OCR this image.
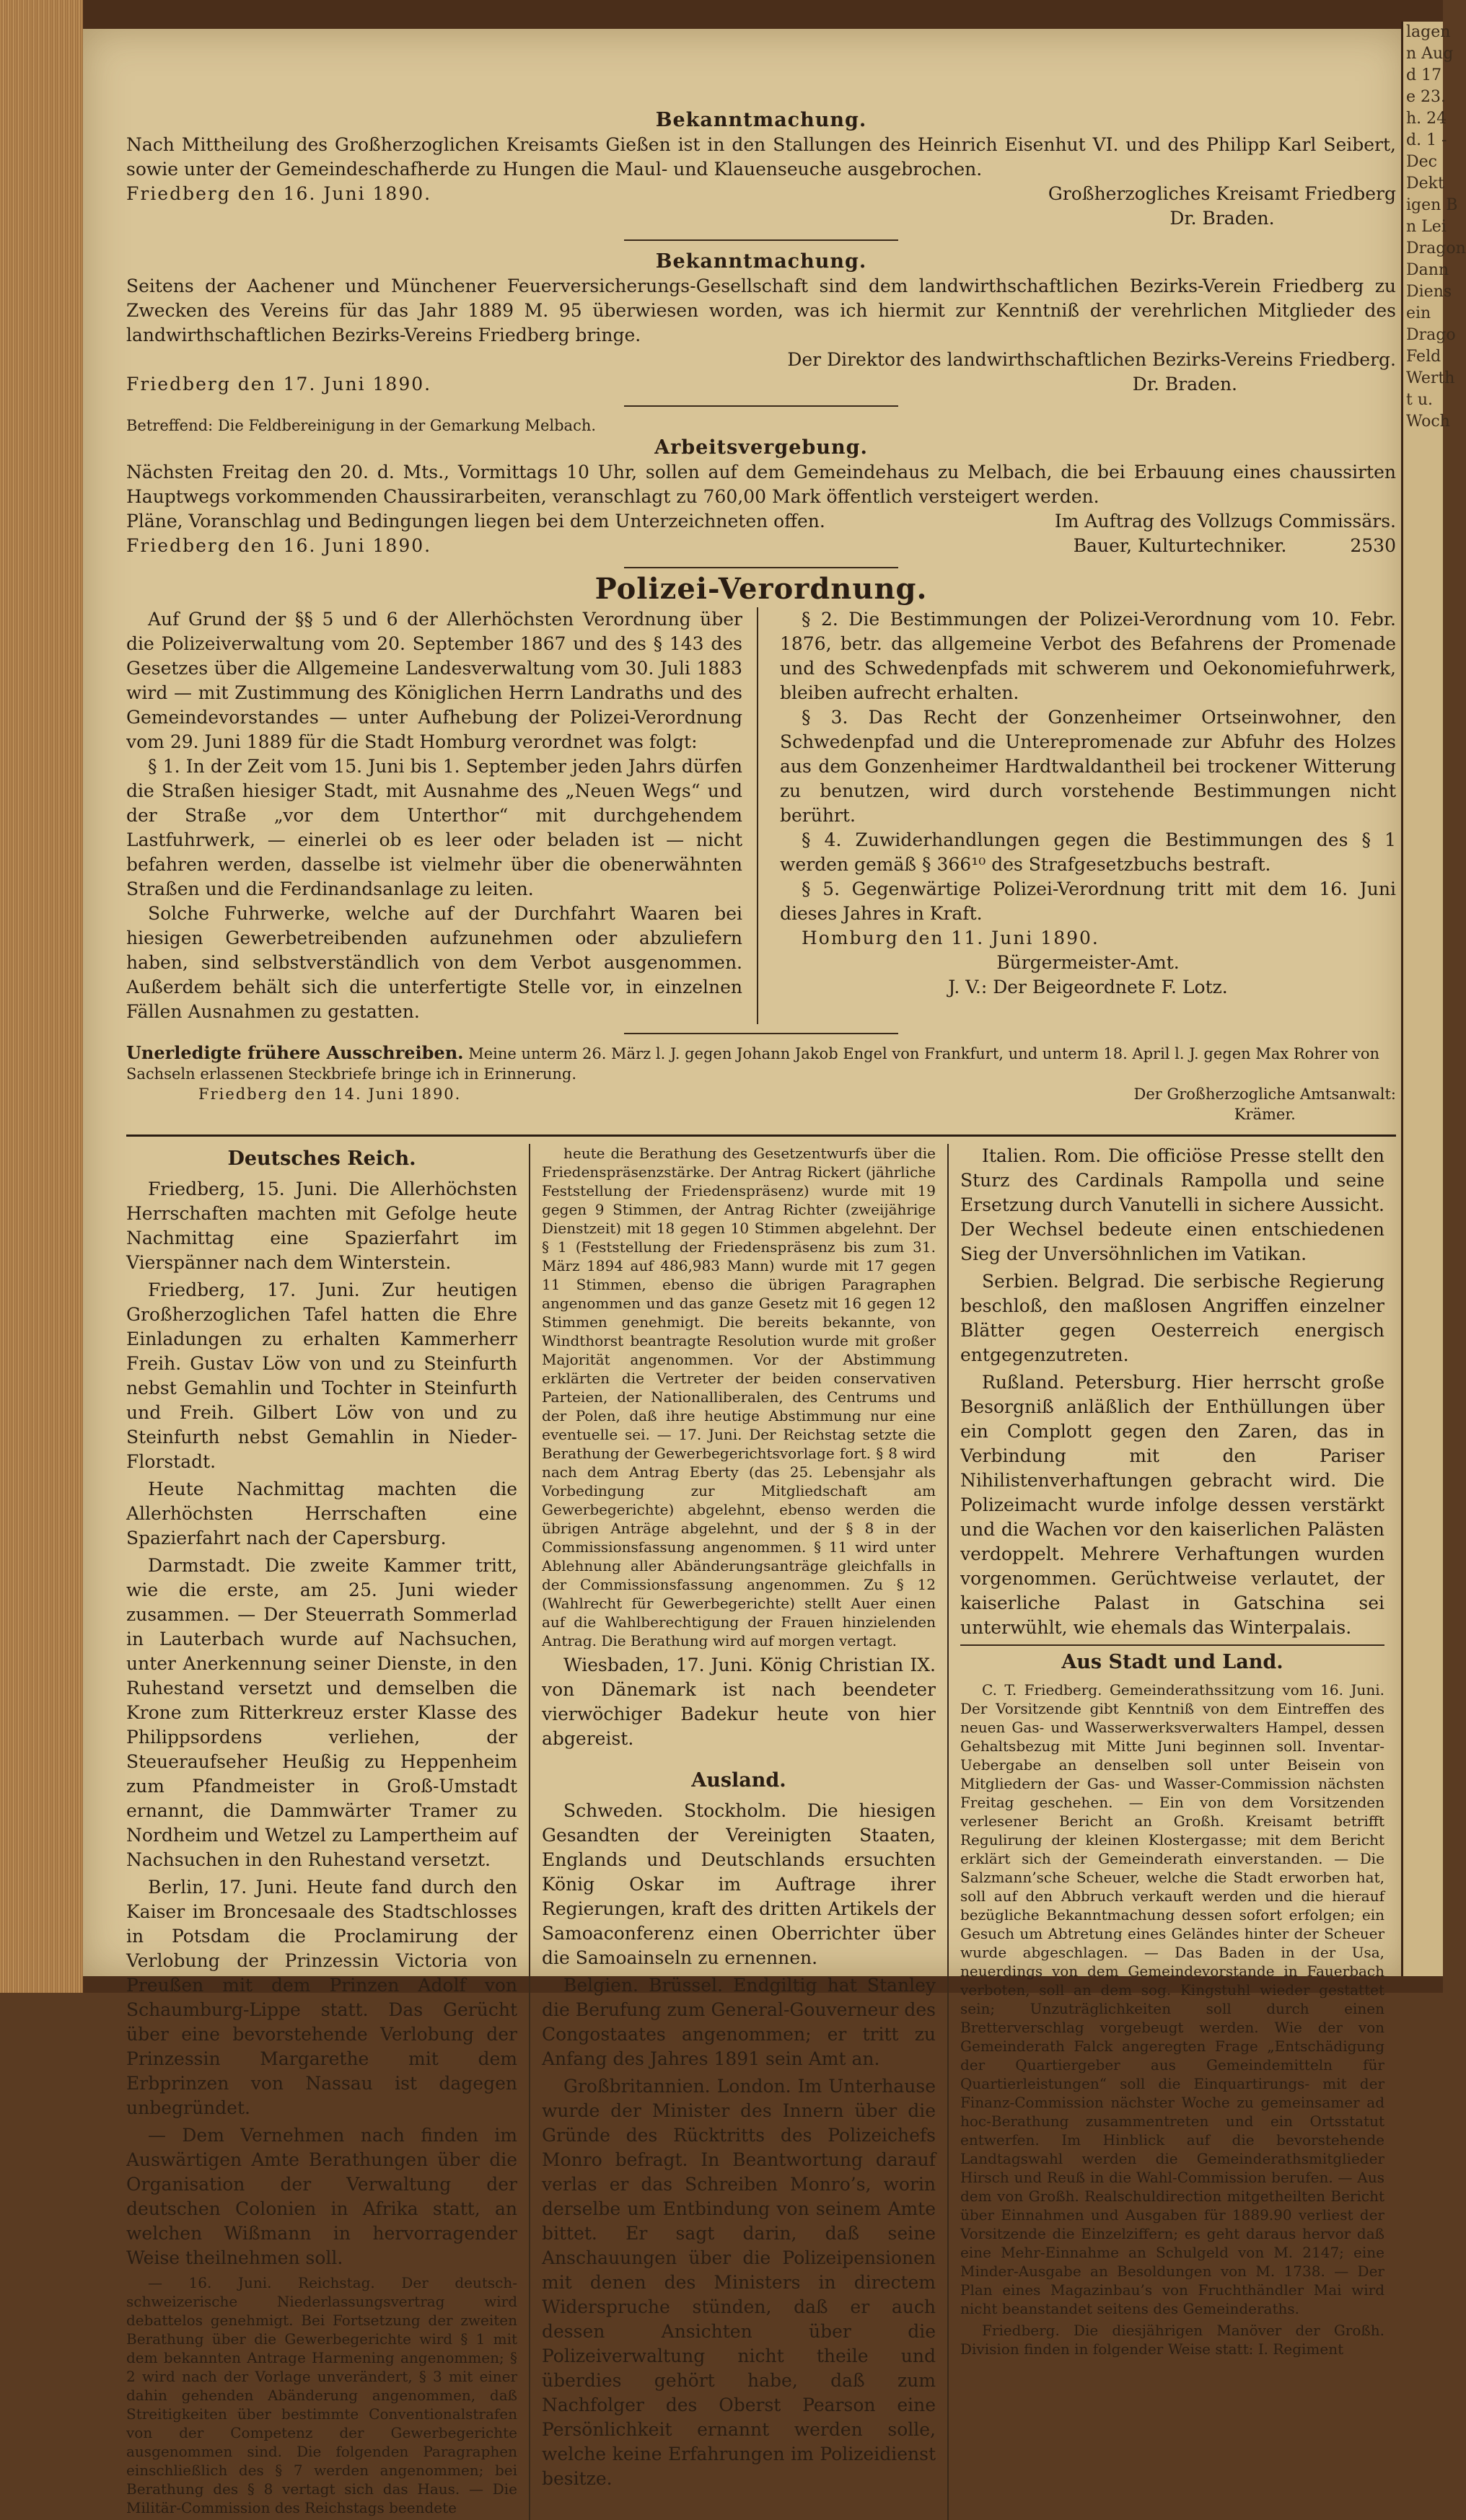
lagen
n Aug
d 17
e 23.
h. 24
d. 1 -
Dec
Dekt
igen B
n Lei
Dragon
Dann
Diens
ein
Drago
Feld
Werth
t u.
Woch
Bekanntmachung.

Nach Mittheilung des Großherzoglichen Kreisamts Gießen ist in den Stallungen des Heinrich Eisenhut VI. und des Philipp Karl Seibert, sowie unter der Gemeindeschafherde zu Hungen die Maul- und Klauenseuche ausgebrochen.

Friedberg den 16. Juni 1890.	Großherzogliches Kreisamt Friedberg
Dr. Braden.
Bekanntmachung.

Seitens der Aachener und Münchener Feuerversicherungs-Gesellschaft sind dem landwirthschaftlichen Bezirks-Verein Friedberg zu Zwecken des Vereins für das Jahr 1889 M. 95 überwiesen worden, was ich hiermit zur Kenntniß der verehrlichen Mitglieder des landwirthschaftlichen Bezirks-Vereins Friedberg bringe.

Der Direktor des landwirthschaftlichen Bezirks-Vereins Friedberg.
Friedberg den 17. Juni 1890.	Dr. Braden.
Betreffend: Die Feldbereinigung in der Gemarkung Melbach.
Arbeitsvergebung.

Nächsten Freitag den 20. d. Mts., Vormittags 10 Uhr, sollen auf dem Gemeindehaus zu Melbach, die bei Erbauung eines chaussirten Hauptwegs vorkommenden Chaussirarbeiten, veranschlagt zu 760,00 Mark öffentlich versteigert werden.

Pläne, Voranschlag und Bedingungen liegen bei dem Unterzeichneten offen.	Im Auftrag des Vollzugs Commissärs.
Friedberg den 16. Juni 1890.	Bauer, Kulturtechniker.	2530
Polizei-Verordnung.
Auf Grund der §§ 5 und 6 der Allerhöchsten Verordnung über die Polizeiverwaltung vom 20. September 1867 und des § 143 des Gesetzes über die Allgemeine Landesverwaltung vom 30. Juli 1883 wird — mit Zustimmung des Königlichen Herrn Landraths und des Gemeindevorstandes — unter Aufhebung der Polizei-Verordnung vom 29. Juni 1889 für die Stadt Homburg verordnet was folgt:
§ 1. In der Zeit vom 15. Juni bis 1. September jeden Jahrs dürfen die Straßen hiesiger Stadt, mit Ausnahme des „Neuen Wegs“ und der Straße „vor dem Unterthor“ mit durchgehendem Lastfuhrwerk, — einerlei ob es leer oder beladen ist — nicht befahren werden, dasselbe ist vielmehr über die obenerwähnten Straßen und die Ferdinandsanlage zu leiten.
Solche Fuhrwerke, welche auf der Durchfahrt Waaren bei hiesigen Gewerbetreibenden aufzunehmen oder abzuliefern haben, sind selbstverständlich von dem Verbot ausgenommen. Außerdem behält sich die unterfertigte Stelle vor, in einzelnen Fällen Ausnahmen zu gestatten.
§ 2. Die Bestimmungen der Polizei-Verordnung vom 10. Febr. 1876, betr. das allgemeine Verbot des Befahrens der Promenade und des Schwedenpfads mit schwerem und Oekonomiefuhrwerk, bleiben aufrecht erhalten.
§ 3. Das Recht der Gonzenheimer Ortseinwohner, den Schwedenpfad und die Unterepromenade zur Abfuhr des Holzes aus dem Gonzenheimer Hardtwaldantheil bei trockener Witterung zu benutzen, wird durch vorstehende Bestimmungen nicht berührt.
§ 4. Zuwiderhandlungen gegen die Bestimmungen des § 1 werden gemäß § 366¹⁰ des Strafgesetzbuchs bestraft.
§ 5. Gegenwärtige Polizei-Verordnung tritt mit dem 16. Juni dieses Jahres in Kraft.
Homburg den 11. Juni 1890.
Bürgermeister-Amt.
J. V.: Der Beigeordnete F. Lotz.
Unerledigte frühere Ausschreiben. Meine unterm 26. März l. J. gegen Johann Jakob Engel von Frankfurt, und unterm 18. April l. J. gegen Max Rohrer von Sachseln erlassenen Steckbriefe bringe ich in Erinnerung.
Friedberg den 14. Juni 1890.	Der Großherzogliche Amtsanwalt:
Krämer.
Deutsches Reich.

Friedberg, 15. Juni. Die Allerhöchsten Herrschaften machten mit Gefolge heute Nachmittag eine Spazierfahrt im Vierspänner nach dem Winterstein.

Friedberg, 17. Juni. Zur heutigen Großherzoglichen Tafel hatten die Ehre Einladungen zu erhalten Kammerherr Freih. Gustav Löw von und zu Steinfurth nebst Gemahlin und Tochter in Steinfurth und Freih. Gilbert Löw von und zu Steinfurth nebst Gemahlin in Nieder-Florstadt.

Heute Nachmittag machten die Allerhöchsten Herrschaften eine Spazierfahrt nach der Capersburg.

Darmstadt. Die zweite Kammer tritt, wie die erste, am 25. Juni wieder zusammen. — Der Steuerrath Sommerlad in Lauterbach wurde auf Nachsuchen, unter Anerkennung seiner Dienste, in den Ruhestand versetzt und demselben die Krone zum Ritterkreuz erster Klasse des Philippsordens verliehen, der Steueraufseher Heußig zu Heppenheim zum Pfandmeister in Groß-Umstadt ernannt, die Dammwärter Tramer zu Nordheim und Wetzel zu Lampertheim auf Nachsuchen in den Ruhestand versetzt.

Berlin, 17. Juni. Heute fand durch den Kaiser im Broncesaale des Stadtschlosses in Potsdam die Proclamirung der Verlobung der Prinzessin Victoria von Preußen mit dem Prinzen Adolf von Schaumburg-Lippe statt. Das Gerücht über eine bevorstehende Verlobung der Prinzessin Margarethe mit dem Erbprinzen von Nassau ist dagegen unbegründet.

— Dem Vernehmen nach finden im Auswärtigen Amte Berathungen über die Organisation der Verwaltung der deutschen Colonien in Afrika statt, an welchen Wißmann in hervorragender Weise theilnehmen soll.

— 16. Juni. Reichstag. Der deutsch-schweizerische Niederlassungsvertrag wird debattelos genehmigt. Bei Fortsetzung der zweiten Berathung über die Gewerbegerichte wird § 1 mit dem bekannten Antrage Harmening angenommen; § 2 wird nach der Vorlage unverändert, § 3 mit einer dahin gehenden Abänderung angenommen, daß Streitigkeiten über bestimmte Conventionalstrafen von der Competenz der Gewerbegerichte ausgenommen sind. Die folgenden Paragraphen einschließlich des § 7 werden angenommen; bei Berathung des § 8 vertagt sich das Haus. — Die Militär-Commission des Reichstags beendete

heute die Berathung des Gesetzentwurfs über die Friedenspräsenzstärke. Der Antrag Rickert (jährliche Feststellung der Friedenspräsenz) wurde mit 19 gegen 9 Stimmen, der Antrag Richter (zweijährige Dienstzeit) mit 18 gegen 10 Stimmen abgelehnt. Der § 1 (Feststellung der Friedenspräsenz bis zum 31. März 1894 auf 486,983 Mann) wurde mit 17 gegen 11 Stimmen, ebenso die übrigen Paragraphen angenommen und das ganze Gesetz mit 16 gegen 12 Stimmen genehmigt. Die bereits bekannte, von Windthorst beantragte Resolution wurde mit großer Majorität angenommen. Vor der Abstimmung erklärten die Vertreter der beiden conservativen Parteien, der Nationalliberalen, des Centrums und der Polen, daß ihre heutige Abstimmung nur eine eventuelle sei. — 17. Juni. Der Reichstag setzte die Berathung der Gewerbegerichtsvorlage fort. § 8 wird nach dem Antrag Eberty (das 25. Lebensjahr als Vorbedingung zur Mitgliedschaft am Gewerbegerichte) abgelehnt, ebenso werden die übrigen Anträge abgelehnt, und der § 8 in der Commissionsfassung angenommen. § 11 wird unter Ablehnung aller Abänderungsanträge gleichfalls in der Commissionsfassung angenommen. Zu § 12 (Wahlrecht für Gewerbegerichte) stellt Auer einen auf die Wahlberechtigung der Frauen hinzielenden Antrag. Die Berathung wird auf morgen vertagt.

Wiesbaden, 17. Juni. König Christian IX. von Dänemark ist nach beendeter vierwöchiger Badekur heute von hier abgereist.

Ausland.

Schweden. Stockholm. Die hiesigen Gesandten der Vereinigten Staaten, Englands und Deutschlands ersuchten König Oskar im Auftrage ihrer Regierungen, kraft des dritten Artikels der Samoaconferenz einen Oberrichter über die Samoainseln zu ernennen.

Belgien. Brüssel. Endgiltig hat Stanley die Berufung zum General-Gouverneur des Congostaates angenommen; er tritt zu Anfang des Jahres 1891 sein Amt an.

Großbritannien. London. Im Unterhause wurde der Minister des Innern über die Gründe des Rücktritts des Polizeichefs Monro befragt. In Beantwortung darauf verlas er das Schreiben Monro’s, worin derselbe um Entbindung von seinem Amte bittet. Er sagt darin, daß seine Anschauungen über die Polizeipensionen mit denen des Ministers in directem Widerspruche stünden, daß er auch dessen Ansichten über die Polizeiverwaltung nicht theile und überdies gehört habe, daß zum Nachfolger des Oberst Pearson eine Persönlichkeit ernannt werden solle, welche keine Erfahrungen im Polizeidienst besitze.

Italien. Rom. Die officiöse Presse stellt den Sturz des Cardinals Rampolla und seine Ersetzung durch Vanutelli in sichere Aussicht. Der Wechsel bedeute einen entschiedenen Sieg der Unversöhnlichen im Vatikan.

Serbien. Belgrad. Die serbische Regierung beschloß, den maßlosen Angriffen einzelner Blätter gegen Oesterreich energisch entgegenzutreten.

Rußland. Petersburg. Hier herrscht große Besorgniß anläßlich der Enthüllungen über ein Complott gegen den Zaren, das in Verbindung mit den Pariser Nihilistenverhaftungen gebracht wird. Die Polizeimacht wurde infolge dessen verstärkt und die Wachen vor den kaiserlichen Palästen verdoppelt. Mehrere Verhaftungen wurden vorgenommen. Gerüchtweise verlautet, der kaiserliche Palast in Gatschina sei unterwühlt, wie ehemals das Winterpalais.

Aus Stadt und Land.

C. T. Friedberg. Gemeinderathssitzung vom 16. Juni. Der Vorsitzende gibt Kenntniß von dem Eintreffen des neuen Gas- und Wasserwerksverwalters Hampel, dessen Gehaltsbezug mit Mitte Juni beginnen soll. Inventar-Uebergabe an denselben soll unter Beisein von Mitgliedern der Gas- und Wasser-Commission nächsten Freitag geschehen. — Ein von dem Vorsitzenden verlesener Bericht an Großh. Kreisamt betrifft Regulirung der kleinen Klostergasse; mit dem Bericht erklärt sich der Gemeinderath einverstanden. — Die Salzmann’sche Scheuer, welche die Stadt erworben hat, soll auf den Abbruch verkauft werden und die hierauf bezügliche Bekanntmachung dessen sofort erfolgen; ein Gesuch um Abtretung eines Geländes hinter der Scheuer wurde abgeschlagen. — Das Baden in der Usa, neuerdings von dem Gemeindevorstande in Fauerbach verboten, soll an dem sog. Kingstuhl wieder gestattet sein; Unzuträglichkeiten soll durch einen Bretterverschlag vorgebeugt werden. Wie der von Gemeinderath Falck angeregten Frage „Entschädigung der Quartiergeber aus Gemeindemitteln für Quartierleistungen“ soll die Einquartirungs- mit der Finanz-Commission nächster Woche zu gemeinsamer ad hoc-Berathung zusammentreten und ein Ortsstatut entwerfen. Im Hinblick auf die bevorstehende Landtagswahl werden die Gemeinderathsmitglieder Hirsch und Reuß in die Wahl-Commission berufen. — Aus dem von Großh. Realschuldirection mitgetheilten Bericht über Einnahmen und Ausgaben für 1889.90 verliest der Vorsitzende die Einzelziffern; es geht daraus hervor daß eine Mehr-Einnahme an Schulgeld von M. 2147; eine Minder-Ausgabe an Besoldungen von M. 1738. — Der Plan eines Magazinbau’s von Fruchthändler Mai wird nicht beanstandet seitens des Gemeinderaths.

Friedberg. Die diesjährigen Manöver der Großh. Division finden in folgender Weise statt: I. Regiment
